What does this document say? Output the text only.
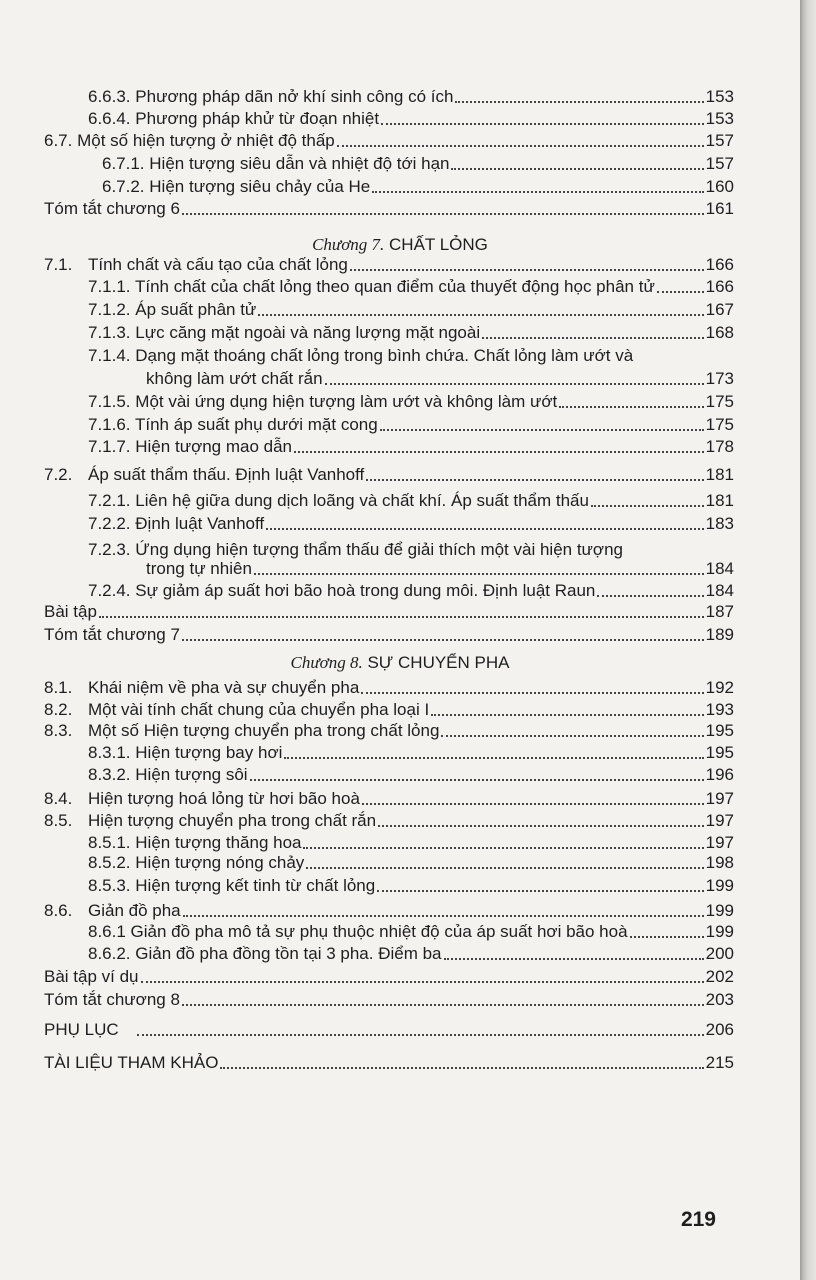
6.6.3. Phương pháp dãn nở khí sinh công có ích	153
6.6.4. Phương pháp khử từ đoạn nhiệt	153
6.7. Một số hiện tượng ở nhiệt độ thấp	157
6.7.1. Hiện tượng siêu dẫn và nhiệt độ tới hạn	157
6.7.2. Hiện tượng siêu chảy của He	160
Tóm tắt chương 6	161
Chương 7. CHẤT LỎNG
7.1. Tính chất và cấu tạo của chất lỏng	166
7.1.1. Tính chất của chất lỏng theo quan điểm của thuyết động học phân tử	166
7.1.2. Áp suất phân tử	167
7.1.3. Lực căng mặt ngoài và năng lượng mặt ngoài	168
7.1.4. Dạng mặt thoáng chất lỏng trong bình chứa. Chất lỏng làm ướt và
không làm ướt chất rắn	173
7.1.5. Một vài ứng dụng hiện tượng làm ướt và không làm ướt	175
7.1.6. Tính áp suất phụ dưới mặt cong	175
7.1.7. Hiện tượng mao dẫn	178
7.2. Áp suất thẩm thấu. Định luật Vanhoff	181
7.2.1. Liên hệ giữa dung dịch loãng và chất khí. Áp suất thẩm thấu	181
7.2.2. Định luật Vanhoff	183
7.2.3. Ứng dụng hiện tượng thẩm thấu để giải thích một vài hiện tượng
trong tự nhiên	184
7.2.4. Sự giảm áp suất hơi bão hoà trong dung môi. Định luật Raun	184
Bài tập	187
Tóm tắt chương 7	189
Chương 8. SỰ CHUYỂN PHA
8.1. Khái niệm về pha và sự chuyển pha	192
8.2. Một vài tính chất chung của chuyển pha loại I	193
8.3. Một số Hiện tượng chuyển pha trong chất lỏng	195
8.3.1. Hiện tượng bay hơi	195
8.3.2. Hiện tượng sôi	196
8.4. Hiện tượng hoá lỏng từ hơi bão hoà	197
8.5. Hiện tượng chuyển pha trong chất rắn	197
8.5.1. Hiện tượng thăng hoa	197
8.5.2. Hiện tượng nóng chảy	198
8.5.3. Hiện tượng kết tinh từ chất lỏng	199
8.6. Giản đồ pha	199
8.6.1 Giản đồ pha mô tả sự phụ thuộc nhiệt độ của áp suất hơi bão hoà	199
8.6.2. Giản đồ pha đồng tồn tại 3 pha. Điểm ba	200
Bài tập ví dụ	202
Tóm tắt chương 8	203
PHỤ LỤC	206
TÀI LIỆU THAM KHẢO	215
219
